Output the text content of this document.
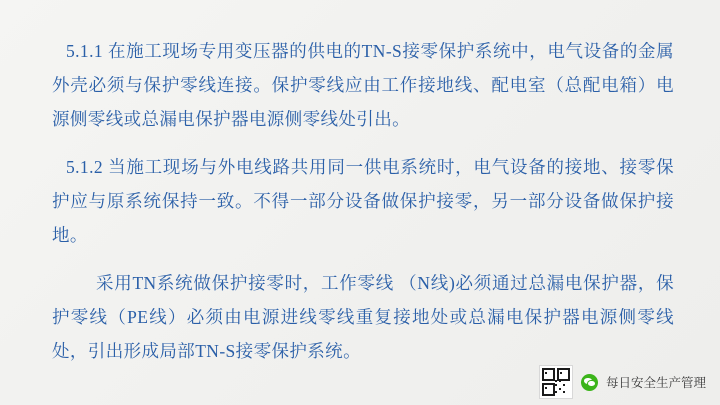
5.1.1 在施工现场专用变压器的供电的TN-S接零保护系统中，电气设备的金属外壳必须与保护零线连接。保护零线应由工作接地线、配电室（总配电箱）电源侧零线或总漏电保护器电源侧零线处引出。

5.1.2 当施工现场与外电线路共用同一供电系统时，电气设备的接地、接零保护应与原系统保持一致。不得一部分设备做保护接零，另一部分设备做保护接地。

采用TN系统做保护接零时，工作零线 （N线)必须通过总漏电保护器，保护零线（PE线）必须由电源进线零线重复接地处或总漏电保护器电源侧零线处，引出形成局部TN-S接零保护系统。

每日安全生产管理
